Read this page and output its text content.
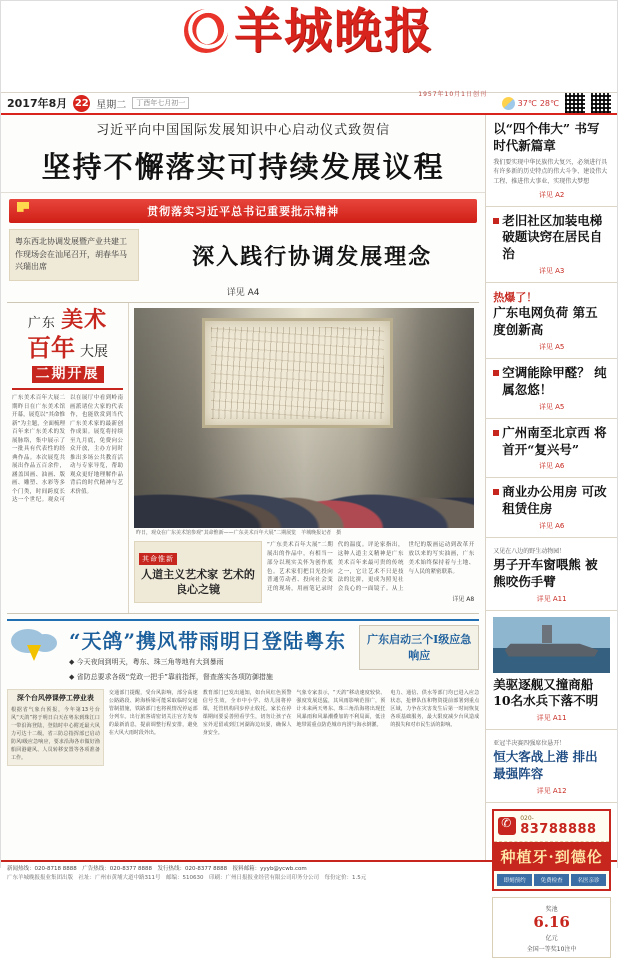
羊城晚报
1957年10月1日创刊
2017年8月 22 星期二	丁酉年七月初一	37℃ 28℃
习近平向中国国际发展知识中心启动仪式致贺信
坚持不懈落实可持续发展议程
贯彻落实习近平总书记重要批示精神
粤东西北协调发展暨产业共建工作现场会在汕尾召开，胡春华马兴瑞出席	深入践行协调发展理念
详见 A4
广东 美术
百年 大展
二期开展
广东美术百年大展二期昨日在广东美术馆开幕，展览以“其命惟新”为主题，全面梳理百年来广东美术的发展脉络，集中展示了一批具有代表性的经典作品。本次展览共展出作品五百余件，涵盖国画、油画、版画、雕塑、水彩等多个门类，时间跨度长达一个世纪。观众可以在展厅中看到岭南画派诸位大家的代表作，也能欣赏到当代广东美术家的最新创作成果。展览将持续至九月底，免费向公众开放，主办方同时推出多场公共教育活动与专家导览，帮助观众更好地理解作品背后的时代精神与艺术价值。
昨日，观众在广东美术馆参观“其命惟新——广东美术百年大展”二期展览　羊城晚报记者　摄
其命惟新
人道主义艺术家 艺术的良心之镜
“广东美术百年大展”二期展出的作品中，有相当一部分以现实关怀为创作底色。艺术家们把目光投向普通劳动者、投向社会变迁的现场，用画笔记录时代的温度。评论家指出，这种人道主义精神是广东美术百年来最可贵的传统之一，它让艺术不只是技法的比拼，更成为照见社会良心的一面镜子。从上世纪的版画运动到改革开放以来的写实油画，广东美术始终保持着与土地、与人民的紧密联系。
详见 A8
“天鸽”携风带雨明日登陆粤东
◆ 今天夜间到明天，粤东、珠三角等地有大到暴雨
◆ 省防总要求各级“党政一把手”靠前指挥，督查落实各项防御措施
广东启动三个Ⅰ级应急响应
深个台风停课停工停业表
根据省气象台预报，今年第13号台风“天鸽”将于明日白天在粤东到珠江口一带沿海登陆，登陆时中心附近最大风力可达十二级。省三防总指挥部已启动防风Ⅰ级应急响应，要求沿海各市做好渔船回港避风、人员转移安置等各项准备工作。
交通部门提醒，受台风影响，部分高速公路路段、跨海桥梁可能采取临时交通管制措施，铁路部门也将视情况停运部分列车。出行旅客请密切关注官方发布的最新消息，提前调整行程安排，避免在大风大雨时段外出。
教育部门已发出通知，如台风红色预警信号生效，全市中小学、幼儿园将停课，托管机构同步停止收托。家长在停课期间要妥善照看学生，切勿让孩子在室外逗留或到江河湖海边玩耍，确保人身安全。
气象专家表示，“天鸽”移动速度较快、强度发展迅猛，其风雨影响范围广，预计未来两天粤东、珠三角沿海将出现狂风暴雨和风暴潮叠加的不利局面，低洼地带需重点防范城市内涝与海水倒灌。
电力、通信、供水等部门均已进入应急状态，抢修队伍和物资提前部署到重点区域，力争在灾害发生后第一时间恢复各项基础服务，最大限度减少台风造成的损失和对市民生活的影响。
以“四个伟大” 书写时代新篇章
我们要实现中华民族伟大复兴，必须进行具有许多新的历史特点的伟大斗争、建设伟大工程、推进伟大事业、实现伟大梦想
详见 A2
老旧社区加装电梯 破题诀窍在居民自治
详见 A3
热爆了！
广东电网负荷 第五度创新高
详见 A5
空调能除甲醛？ 纯属忽悠！
详见 A5
广州南至北京西 将首开“复兴号”
详见 A6
商业办公用房 可改租赁住房
详见 A6
又见在八边的野生动物园！
男子开车窗喂熊 被熊咬伤手臂
详见 A11
美驱逐舰又撞商船 10名水兵下落不明
详见 A11
亚冠半决赛四强席位悬开！
恒大客战上港 排出最强阵容
详见 A12
✆
020-
83788888
种植牙·到德伦
即刻预约	免费检查	名医亲诊
奖池
6.16
亿元
全国一等奖10注中
新闻热线：020-8718 8888　广告热线：020-8377 8888　发行热线：020-8377 8888　报料邮箱：yyyb@ycwb.com
广东羊城晚报报业集团出版　社址：广州市黄埔大道中路311号　邮编：510630　印刷：广州日报报业经营有限公司印务分公司　每份定价：1.5元
